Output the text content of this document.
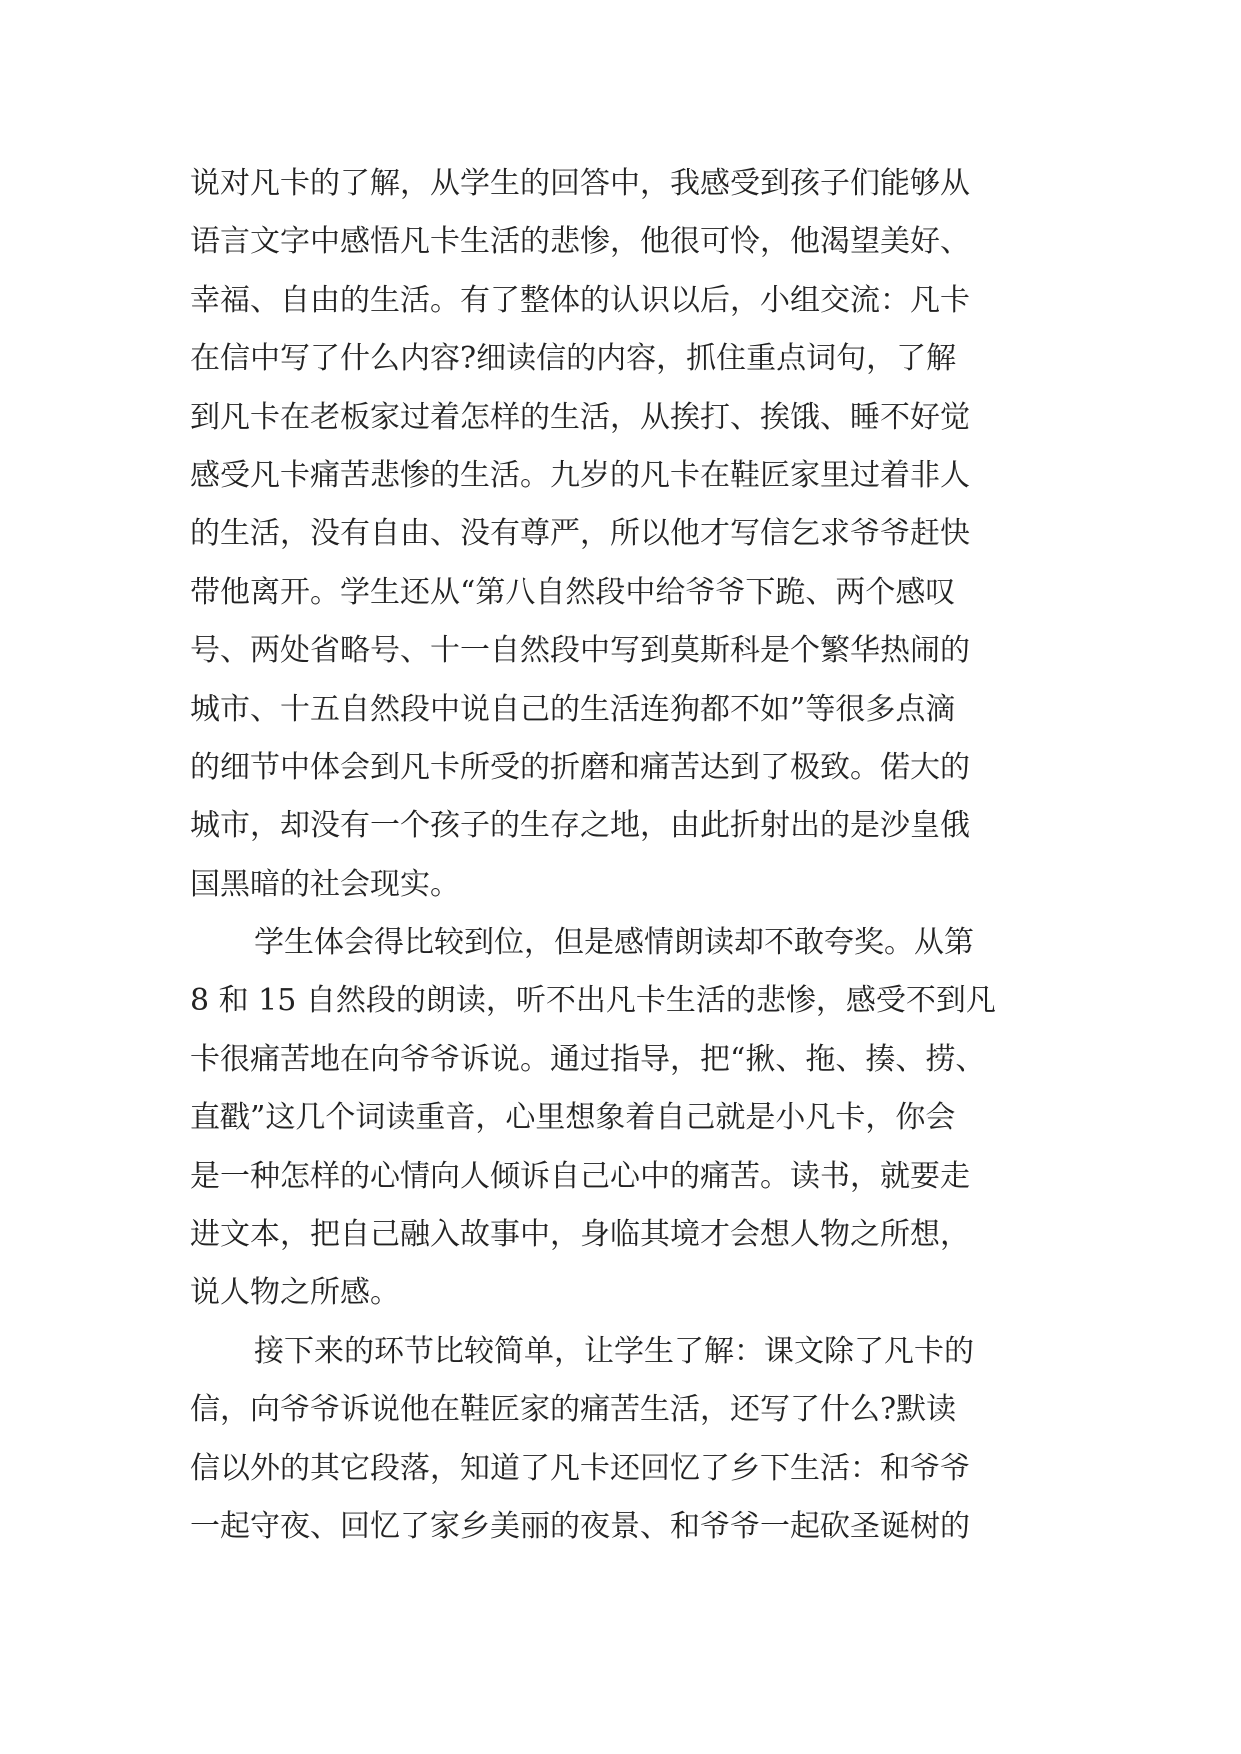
说对凡卡的了解，从学生的回答中，我感受到孩子们能够从
语言文字中感悟凡卡生活的悲惨，他很可怜，他渴望美好、
幸福、自由的生活。有了整体的认识以后，小组交流：凡卡
在信中写了什么内容?细读信的内容，抓住重点词句，了解
到凡卡在老板家过着怎样的生活，从挨打、挨饿、睡不好觉
感受凡卡痛苦悲惨的生活。九岁的凡卡在鞋匠家里过着非人
的生活，没有自由、没有尊严，所以他才写信乞求爷爷赶快
带他离开。学生还从“第八自然段中给爷爷下跪、两个感叹
号、两处省略号、十一自然段中写到莫斯科是个繁华热闹的
城市、十五自然段中说自己的生活连狗都不如”等很多点滴
的细节中体会到凡卡所受的折磨和痛苦达到了极致。偌大的
城市，却没有一个孩子的生存之地，由此折射出的是沙皇俄
国黑暗的社会现实。
学生体会得比较到位，但是感情朗读却不敢夸奖。从第
8 和 15 自然段的朗读，听不出凡卡生活的悲惨，感受不到凡
卡很痛苦地在向爷爷诉说。通过指导，把“揪、拖、揍、捞、
直戳”这几个词读重音，心里想象着自己就是小凡卡，你会
是一种怎样的心情向人倾诉自己心中的痛苦。读书，就要走
进文本，把自己融入故事中，身临其境才会想人物之所想，
说人物之所感。
接下来的环节比较简单，让学生了解：课文除了凡卡的
信，向爷爷诉说他在鞋匠家的痛苦生活，还写了什么?默读
信以外的其它段落，知道了凡卡还回忆了乡下生活：和爷爷
一起守夜、回忆了家乡美丽的夜景、和爷爷一起砍圣诞树的
